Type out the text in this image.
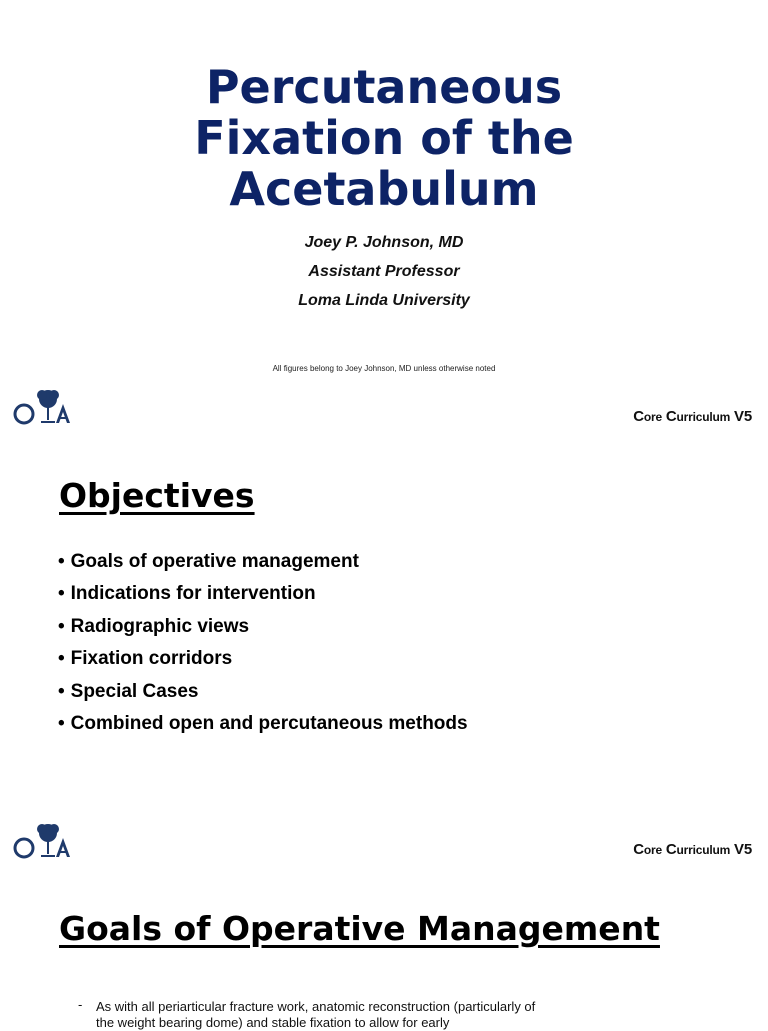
Percutaneous
Fixation of the
Acetabulum
Joey P. Johnson, MD
Assistant Professor
Loma Linda University
All figures belong to Joey Johnson, MD unless otherwise noted
Core Curriculum V5
Objectives
• Goals of operative management
• Indications for intervention
• Radiographic views
• Fixation corridors
• Special Cases
• Combined open and percutaneous methods
Core Curriculum V5
Goals of Operative Management
- As with all periarticular fracture work, anatomic reconstruction (particularly of the weight bearing dome) and stable fixation to allow for early
